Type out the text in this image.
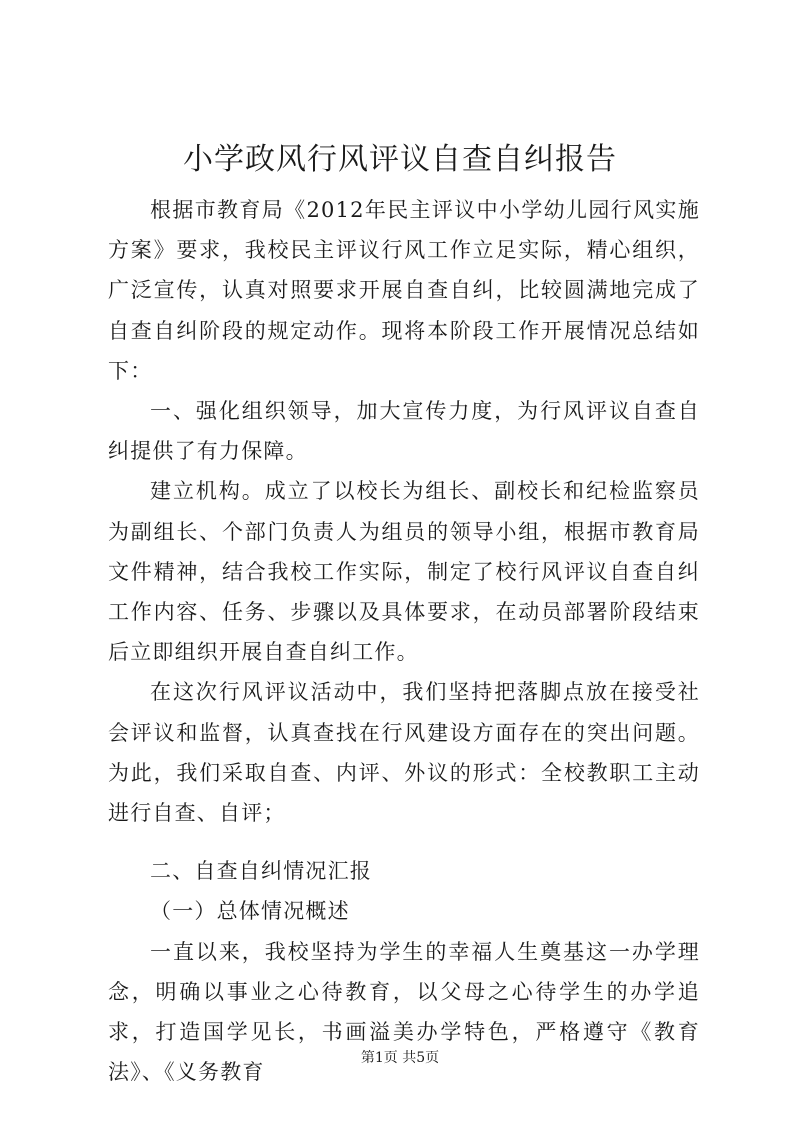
小学政风行风评议自查自纠报告

根据市教育局《2012年民主评议中小学幼儿园行风实施方案》要求，我校民主评议行风工作立足实际，精心组织，广泛宣传，认真对照要求开展自查自纠，比较圆满地完成了自查自纠阶段的规定动作。现将本阶段工作开展情况总结如下：

一、强化组织领导，加大宣传力度，为行风评议自查自纠提供了有力保障。

建立机构。成立了以校长为组长、副校长和纪检监察员为副组长、个部门负责人为组员的领导小组，根据市教育局文件精神，结合我校工作实际，制定了校行风评议自查自纠工作内容、任务、步骤以及具体要求，在动员部署阶段结束后立即组织开展自查自纠工作。

在这次行风评议活动中，我们坚持把落脚点放在接受社会评议和监督，认真查找在行风建设方面存在的突出问题。为此，我们采取自查、内评、外议的形式：全校教职工主动进行自查、自评；

二、自查自纠情况汇报

（一）总体情况概述

一直以来，我校坚持为学生的幸福人生奠基这一办学理念，明确以事业之心待教育，以父母之心待学生的办学追求，打造国学见长，书画溢美办学特色，严格遵守《教育法》、《义务教育

第1页 共5页
